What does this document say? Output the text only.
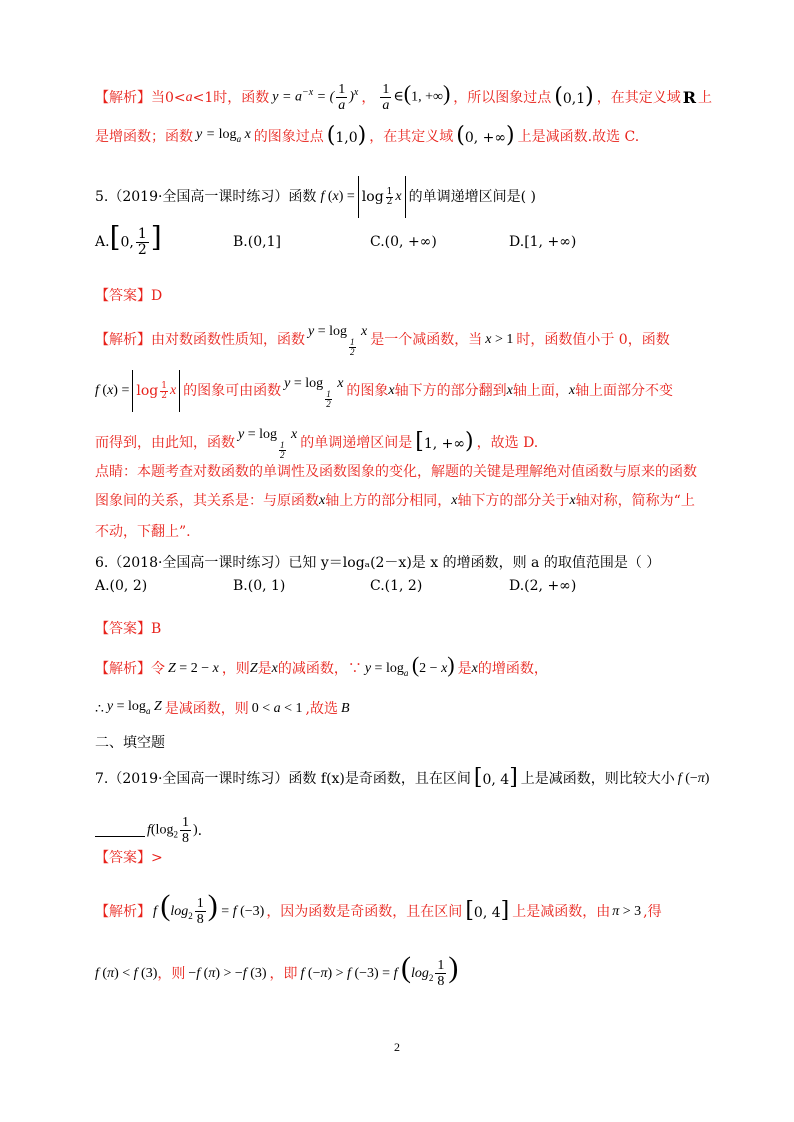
【解析】 当0< a <1时，函数 $y = a^{-x}$ = ( $\frac{1}{a} )^x$ ， $\frac{1}{a}$ ∈(1, +∞) ，所以图象过点 (0,1) ，在其定义域 R 上
是增函数；函数 $y = \log_a x$ 的图象过点 (1,0) ，在其定义域 (0, +∞) 上是减函数.故选 C.
5.（2019·全国高一课时练习）函数 f (x) = log 1
2 x 的单调递增区间是( )
A. [0, $\frac{1}{2}$ ]	B. (0,1]	C. (0, +∞)	D. [1, +∞)
【答案】 D
【解析】 由对数函数性质知，函数 y = log
$\frac{1}{2}$
x 是一个减函数，当 x > 1 时，函数值小于 0，函数
f (x) = log 1
2 x 的图象可由函数 y = log
$\frac{1}{2}$
x 的图象 x 轴下方的部分翻到 x 轴上面， x 轴上面部分不变
而得到，由此知，函数 y = log
$\frac{1}{2}$
x 的单调递增区间是 [1, +∞) ，故选 D.
点睛：本题考查对数函数的单调性及函数图象的变化，解题的关键是理解绝对值函数与原来的函数
图象间的关系，其关系是：与原函数 x 轴上方的部分相同， x 轴下方的部分关于 x 轴对称，简称为“上
不动，下翻上”.
6.（2018·全国高一课时练习）已知 y＝logₐ(2－x)是 x 的增函数，则 a 的取值范围是（ ）
A.(0, 2)	B.(0, 1)	C.(1, 2)	D.(2, +∞)
【答案】 B
【解析】 令 Z = 2 − x ，则 Z 是 x 的减函数，∵ $y = \log_a (2 - x)$ 是 x 的增函数，
∴ $y = \log_a Z$ 是减函数，则 0 < a < 1 ,故选 B
二、填空题
7.（2019·全国高一课时练习）函数 f(x)是奇函数，且在区间 [0, 4] 上是减函数，则比较大小 f (−π)
$f(\log_2 \frac{1}{8}$ ) .
【答案】 >
【解析】 f ($\log_2 \frac{1}{8}$ ) = f (−3) ，因为函数是奇函数，且在区间 [0, 4] 上是减函数，由 π > 3 ,得
f (π) < f (3) ，则 −f (π) > −f (3) ，即 f (−π) > f (−3) = f ($\log_2 \frac{1}{8}$ )
2
